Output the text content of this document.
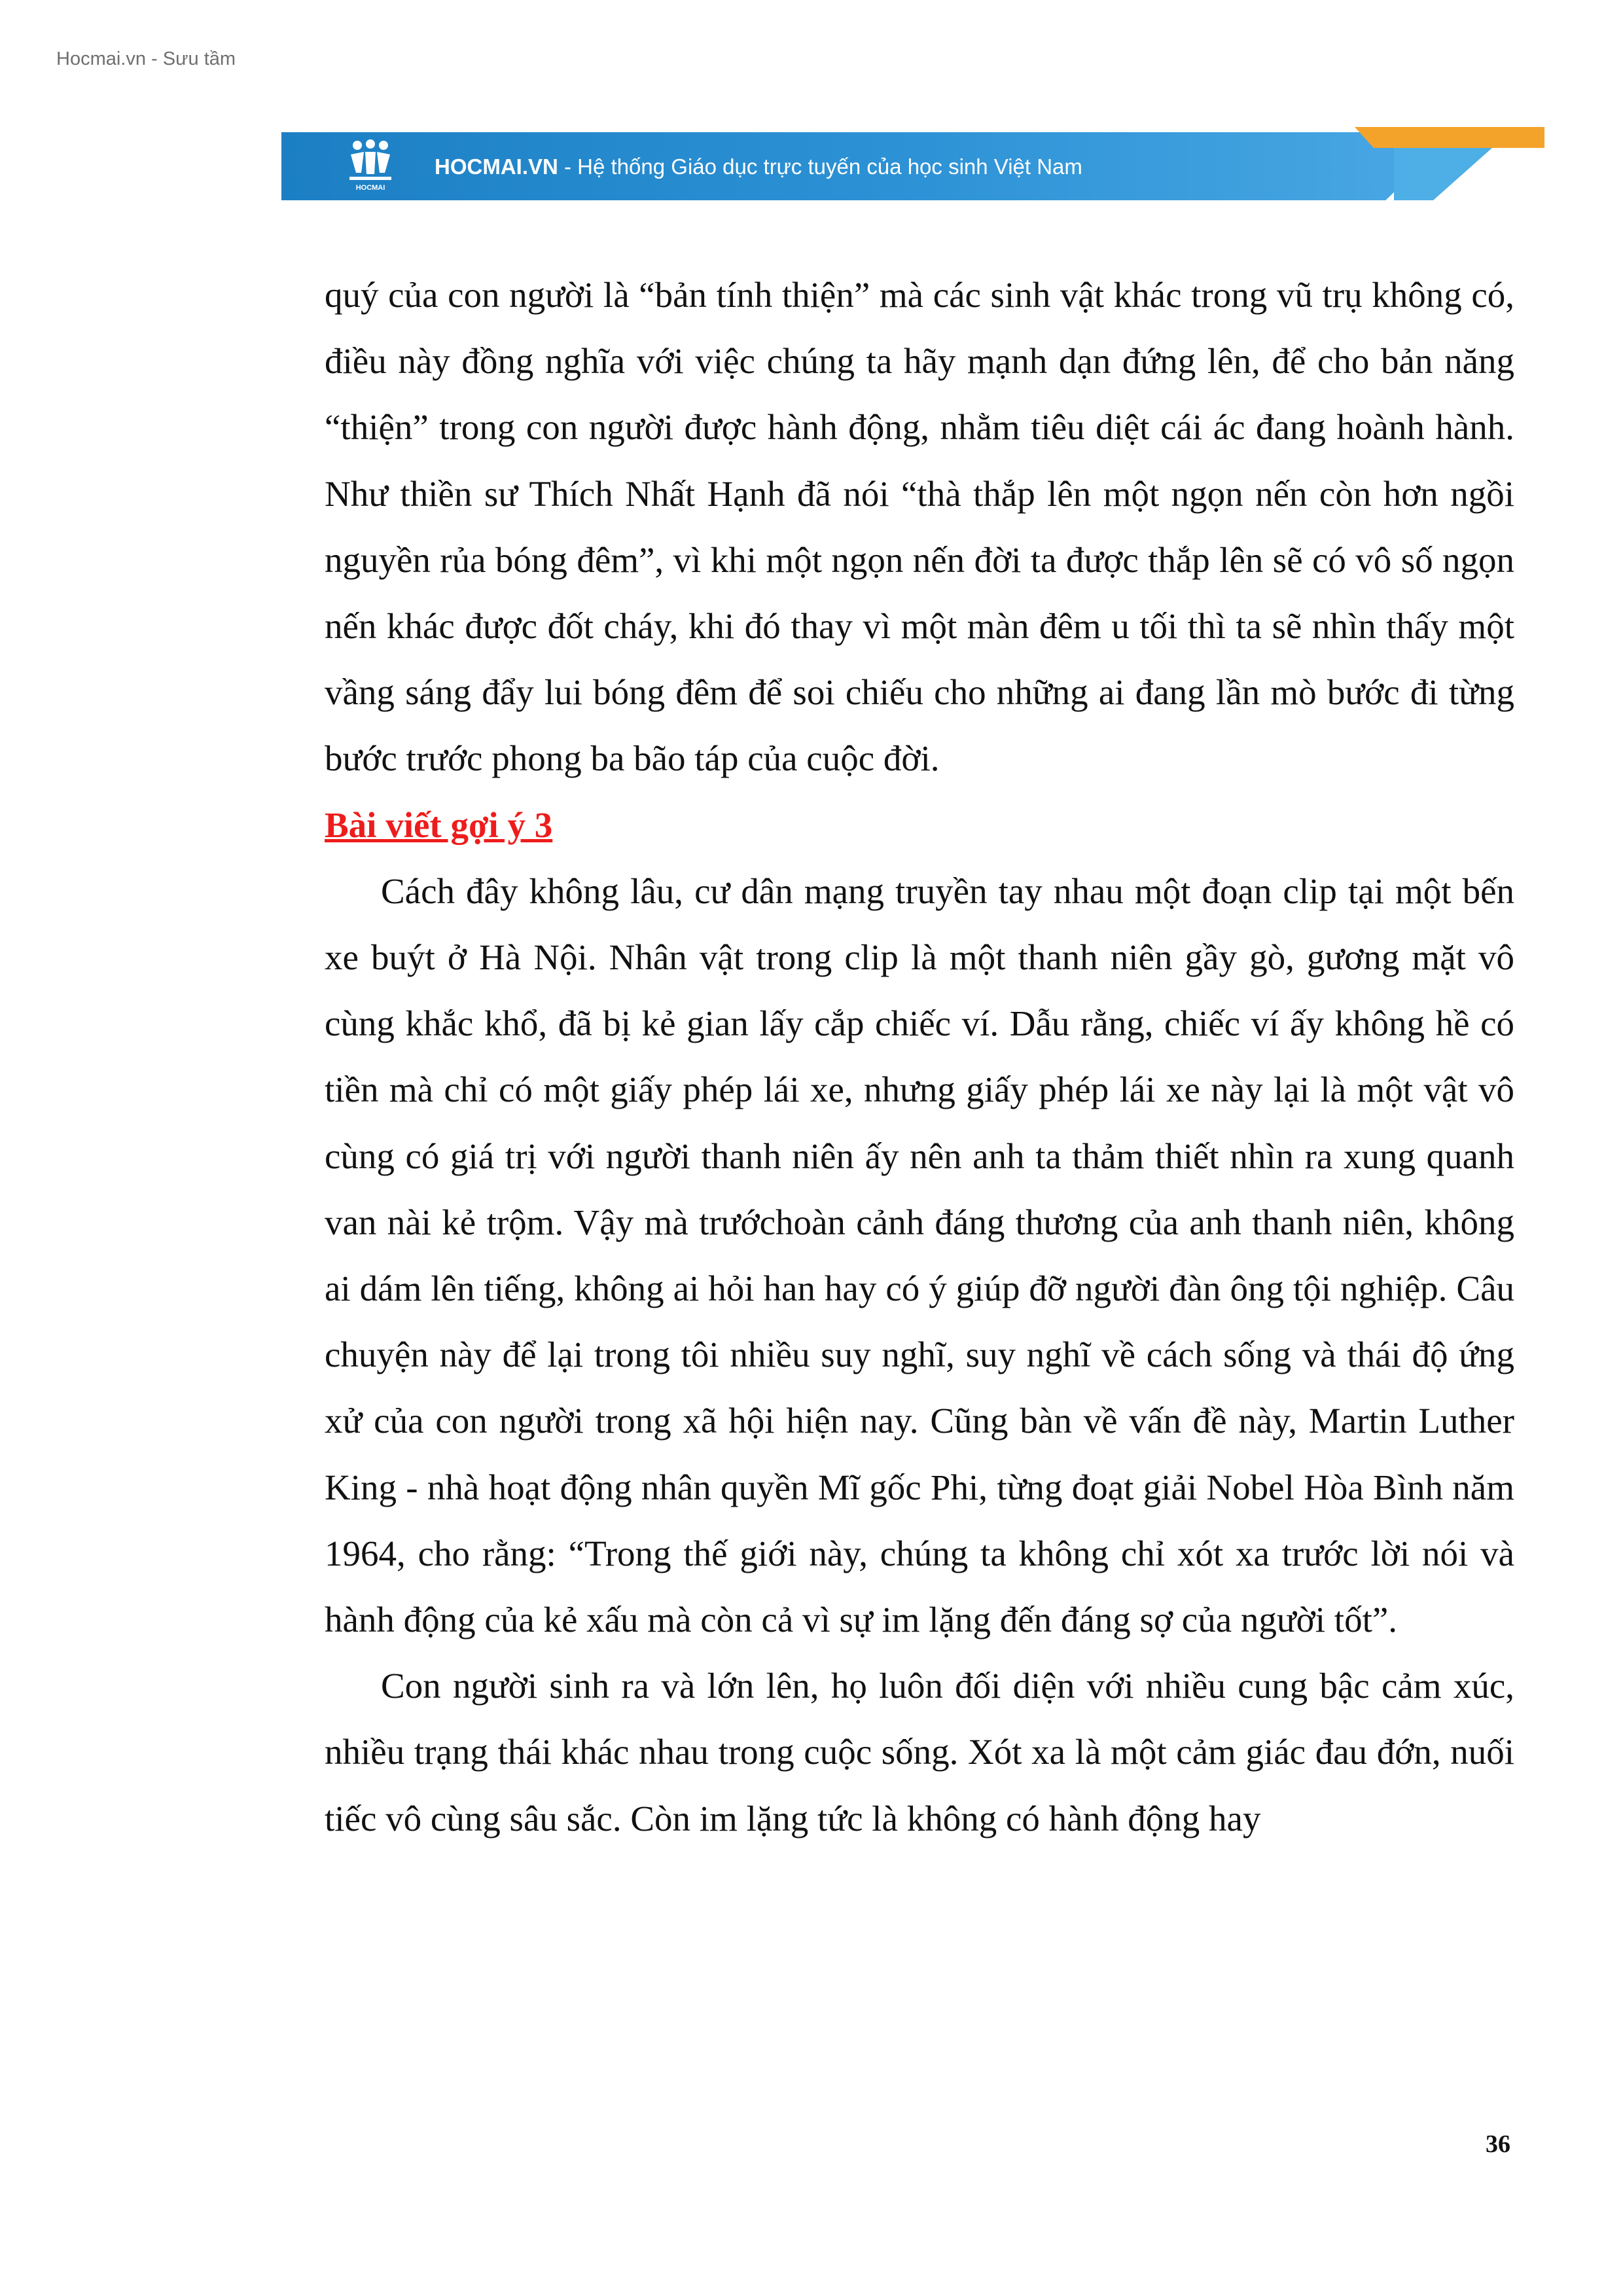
Hocmai.vn - Sưu tầm
HOCMAI
HOCMAI.VN - Hệ thống Giáo dục trực tuyến của học sinh Việt Nam

quý của con người là “bản tính thiện” mà các sinh vật khác trong vũ trụ không có, điều này đồng nghĩa với việc chúng ta hãy mạnh dạn đứng lên, để cho bản năng “thiện” trong con người được hành động, nhằm tiêu diệt cái ác đang hoành hành. Như thiền sư Thích Nhất Hạnh đã nói “thà thắp lên một ngọn nến còn hơn ngồi nguyền rủa bóng đêm”, vì khi một ngọn nến đời ta được thắp lên sẽ có vô số ngọn nến khác được đốt cháy, khi đó thay vì một màn đêm u tối thì ta sẽ nhìn thấy một vầng sáng đẩy lui bóng đêm để soi chiếu cho những ai đang lần mò bước đi từng bước trước phong ba bão táp của cuộc đời.

Bài viết gợi ý 3

Cách đây không lâu, cư dân mạng truyền tay nhau một đoạn clip tại một bến xe buýt ở Hà Nội. Nhân vật trong clip là một thanh niên gầy gò, gương mặt vô cùng khắc khổ, đã bị kẻ gian lấy cắp chiếc ví. Dẫu rằng, chiếc ví ấy không hề có tiền mà chỉ có một giấy phép lái xe, nhưng giấy phép lái xe này lại là một vật vô cùng có giá trị với người thanh niên ấy nên anh ta thảm thiết nhìn ra xung quanh van nài kẻ trộm. Vậy mà trướchoàn cảnh đáng thương của anh thanh niên, không ai dám lên tiếng, không ai hỏi han hay có ý giúp đỡ người đàn ông tội nghiệp. Câu chuyện này để lại trong tôi nhiều suy nghĩ, suy nghĩ về cách sống và thái độ ứng xử của con người trong xã hội hiện nay. Cũng bàn về vấn đề này, Martin Luther King - nhà hoạt động nhân quyền Mĩ gốc Phi, từng đoạt giải Nobel Hòa Bình năm 1964, cho rằng: “Trong thế giới này, chúng ta không chỉ xót xa trước lời nói và hành động của kẻ xấu mà còn cả vì sự im lặng đến đáng sợ của người tốt”.

Con người sinh ra và lớn lên, họ luôn đối diện với nhiều cung bậc cảm xúc, nhiều trạng thái khác nhau trong cuộc sống. Xót xa là một cảm giác đau đớn, nuối tiếc vô cùng sâu sắc. Còn im lặng tức là không có hành động hay

36
